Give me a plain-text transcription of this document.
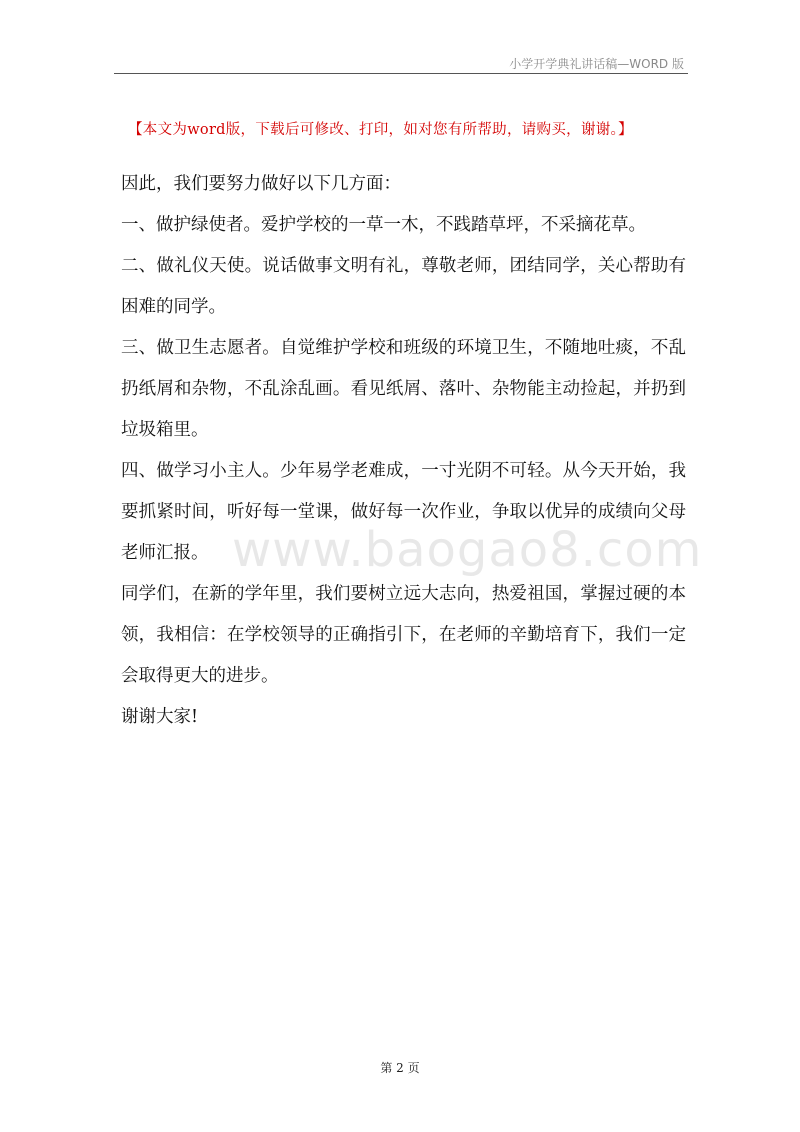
小学开学典礼讲话稿—WORD 版
【本文为word版，下载后可修改、打印，如对您有所帮助，请购买，谢谢。】

因此，我们要努力做好以下几方面：

一、做护绿使者。爱护学校的一草一木，不践踏草坪，不采摘花草。

二、做礼仪天使。说话做事文明有礼，尊敬老师，团结同学，关心帮助有困难的同学。

三、做卫生志愿者。自觉维护学校和班级的环境卫生，不随地吐痰，不乱扔纸屑和杂物，不乱涂乱画。看见纸屑、落叶、杂物能主动捡起，并扔到垃圾箱里。

四、做学习小主人。少年易学老难成，一寸光阴不可轻。从今天开始，我要抓紧时间，听好每一堂课，做好每一次作业，争取以优异的成绩向父母老师汇报。

同学们，在新的学年里，我们要树立远大志向，热爱祖国，掌握过硬的本领，我相信：在学校领导的正确指引下，在老师的辛勤培育下，我们一定会取得更大的进步。

谢谢大家!

www.baogao8.com
第 2 页
